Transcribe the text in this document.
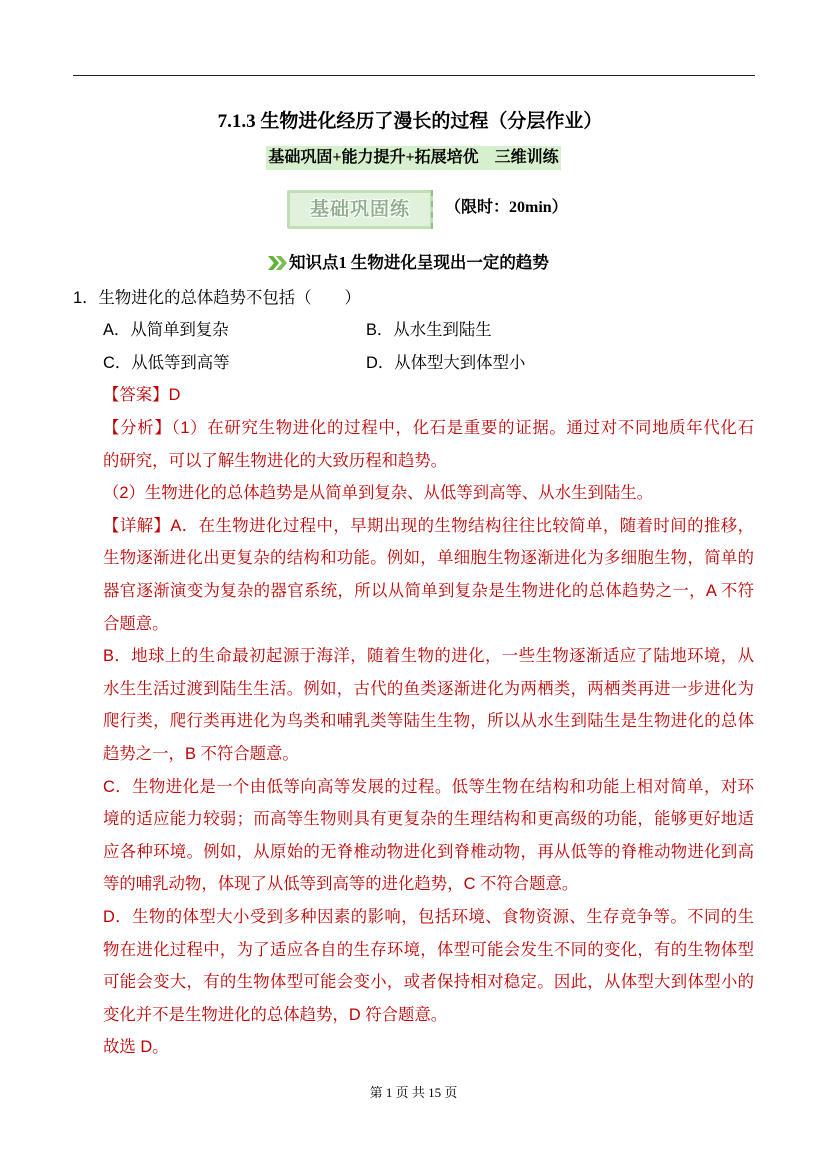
7.1.3 生物进化经历了漫长的过程（分层作业）
基础巩固+能力提升+拓展培优　三维训练
基础巩固练	（限时：20min）
知识点1 生物进化呈现出一定的趋势
1．生物进化的总体趋势不包括（　　）
A．从简单到复杂	B．从水生到陆生
C．从低等到高等	D．从体型大到体型小
【答案】D
【分析】（1）在研究生物进化的过程中，化石是重要的证据。通过对不同地质年代化石
的研究，可以了解生物进化的大致历程和趋势。
（2）生物进化的总体趋势是从简单到复杂、从低等到高等、从水生到陆生。
【详解】A．在生物进化过程中，早期出现的生物结构往往比较简单，随着时间的推移，
生物逐渐进化出更复杂的结构和功能。例如，单细胞生物逐渐进化为多细胞生物，简单的
器官逐渐演变为复杂的器官系统，所以从简单到复杂是生物进化的总体趋势之一，A 不符
合题意。
B．地球上的生命最初起源于海洋，随着生物的进化，一些生物逐渐适应了陆地环境，从
水生生活过渡到陆生生活。例如，古代的鱼类逐渐进化为两栖类，两栖类再进一步进化为
爬行类，爬行类再进化为鸟类和哺乳类等陆生生物，所以从水生到陆生是生物进化的总体
趋势之一，B 不符合题意。
C．生物进化是一个由低等向高等发展的过程。低等生物在结构和功能上相对简单，对环
境的适应能力较弱；而高等生物则具有更复杂的生理结构和更高级的功能，能够更好地适
应各种环境。例如，从原始的无脊椎动物进化到脊椎动物，再从低等的脊椎动物进化到高
等的哺乳动物，体现了从低等到高等的进化趋势，C 不符合题意。
D．生物的体型大小受到多种因素的影响，包括环境、食物资源、生存竞争等。不同的生
物在进化过程中，为了适应各自的生存环境，体型可能会发生不同的变化，有的生物体型
可能会变大，有的生物体型可能会变小，或者保持相对稳定。因此，从体型大到体型小的
变化并不是生物进化的总体趋势，D 符合题意。
故选 D。
第 1 页 共 15 页
